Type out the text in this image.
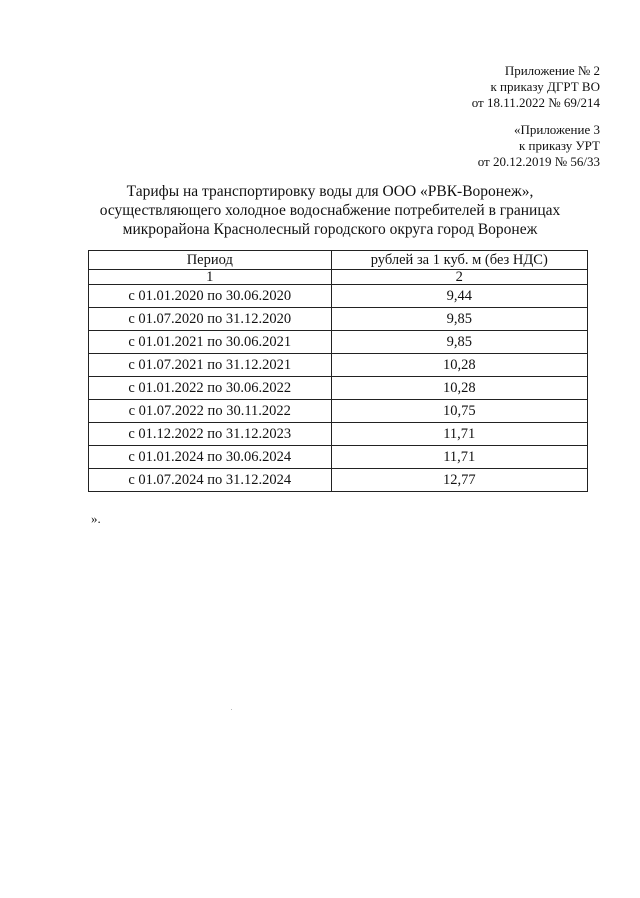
Приложение № 2
к приказу ДГРТ ВО
от 18.11.2022 № 69/214
«Приложение 3
к приказу УРТ
от 20.12.2019 № 56/33
Тарифы на транспортировку воды для ООО «РВК-Воронеж»,
осуществляющего холодное водоснабжение потребителей в границах
микрорайона Краснолесный городского округа город Воронеж
Период	рублей за 1 куб. м (без НДС)
1	2
с 01.01.2020 по 30.06.2020	9,44
с 01.07.2020 по 31.12.2020	9,85
с 01.01.2021 по 30.06.2021	9,85
с 01.07.2021 по 31.12.2021	10,28
с 01.01.2022 по 30.06.2022	10,28
с 01.07.2022 по 30.11.2022	10,75
с 01.12.2022 по 31.12.2023	11,71
с 01.01.2024 по 30.06.2024	11,71
с 01.07.2024 по 31.12.2024	12,77
».
